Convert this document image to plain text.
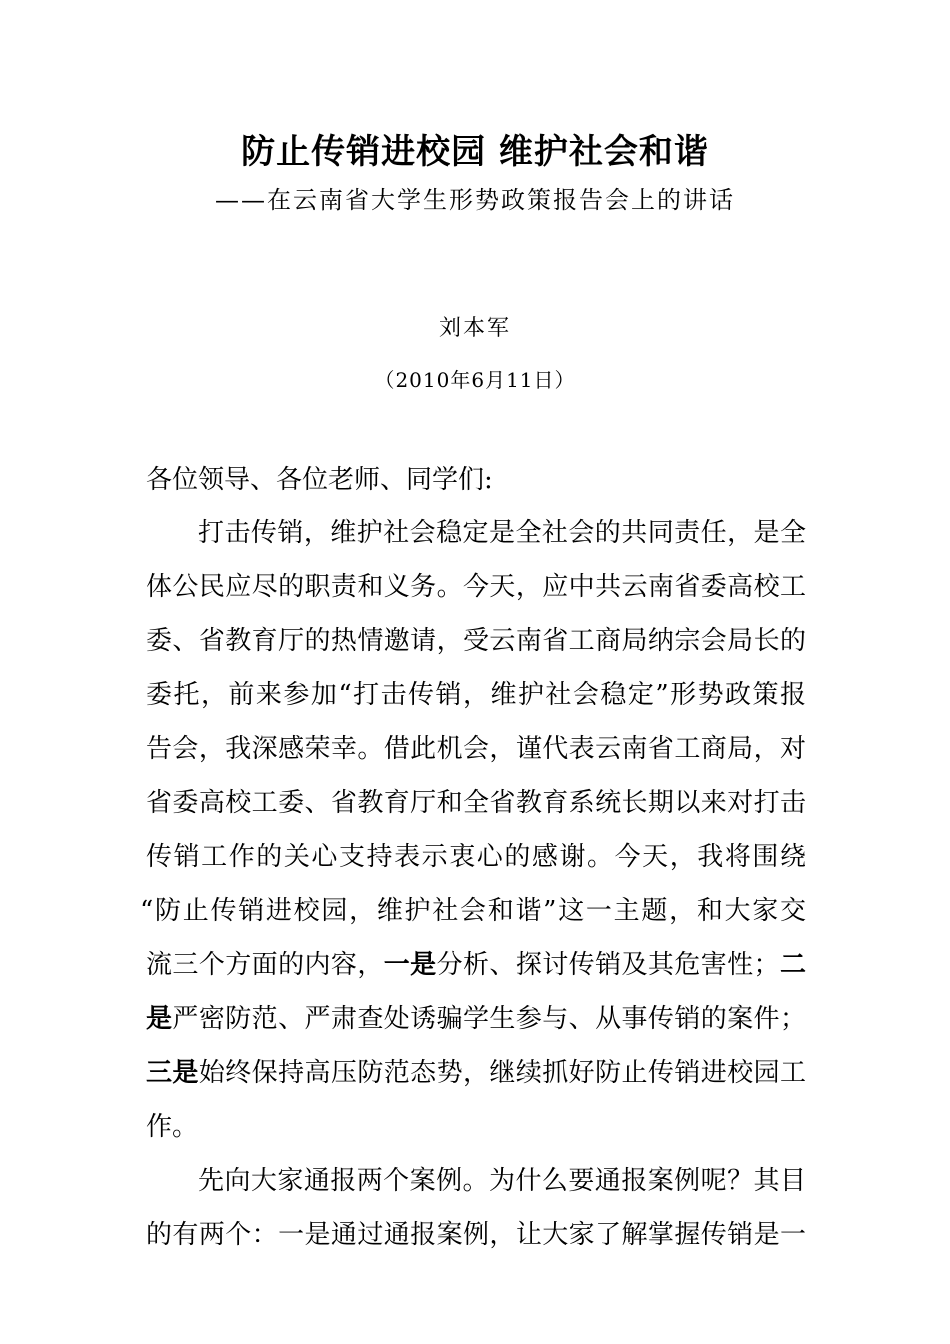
防止传销进校园 维护社会和谐
——在云南省大学生形势政策报告会上的讲话
刘本军
（2010年6月11日）
各位领导、各位老师、同学们:
打击传销，维护社会稳定是全社会的共同责任，是全
体公民应尽的职责和义务。今天，应中共云南省委高校工
委、省教育厅的热情邀请，受云南省工商局纳宗会局长的
委托，前来参加“打击传销，维护社会稳定”形势政策报
告会，我深感荣幸。借此机会，谨代表云南省工商局，对
省委高校工委、省教育厅和全省教育系统长期以来对打击
传销工作的关心支持表示衷心的感谢。今天，我将围绕
“防止传销进校园，维护社会和谐”这一主题，和大家交
流三个方面的内容，一是分析、探讨传销及其危害性；二
是严密防范、严肃查处诱骗学生参与、从事传销的案件；
三是始终保持高压防范态势，继续抓好防止传销进校园工
作。
先向大家通报两个案例。为什么要通报案例呢？其目
的有两个：一是通过通报案例，让大家了解掌握传销是一
